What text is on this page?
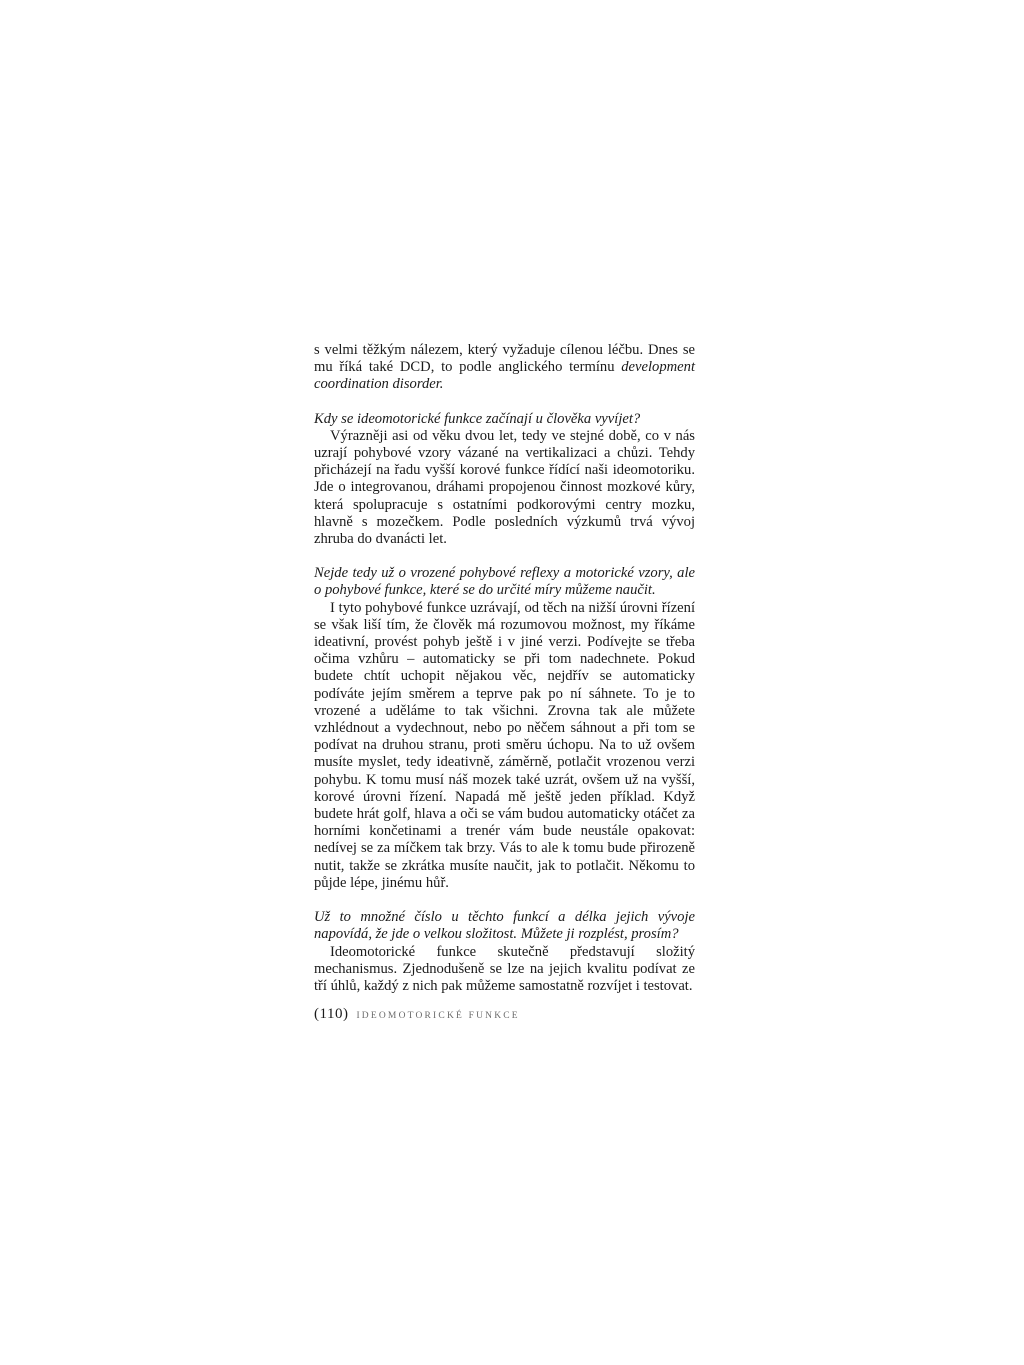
s velmi těžkým nálezem, který vyžaduje cílenou léčbu. Dnes se mu říká také DCD, to podle anglického termínu development coordination disorder.

Kdy se ideomotorické funkce začínají u člověka vyvíjet?

Výrazněji asi od věku dvou let, tedy ve stejné době, co v nás uzrají pohybové vzory vázané na vertikalizaci a chůzi. Tehdy přicházejí na řadu vyšší korové funkce řídící naši ideomotoriku. Jde o integrovanou, dráhami propojenou činnost mozkové kůry, která spolupracuje s ostatními podkorovými centry mozku, hlavně s mozečkem. Podle posledních výzkumů trvá vývoj zhruba do dvanácti let.

Nejde tedy už o vrozené pohybové reflexy a motorické vzory, ale o pohybové funkce, které se do určité míry můžeme naučit.

I tyto pohybové funkce uzrávají, od těch na nižší úrovni řízení se však liší tím, že člověk má rozumovou možnost, my říkáme ideativní, provést pohyb ještě i v jiné verzi. Podívejte se třeba očima vzhůru – automaticky se při tom nadechnete. Pokud budete chtít uchopit nějakou věc, nejdřív se automaticky podíváte jejím směrem a teprve pak po ní sáhnete. To je to vrozené a uděláme to tak všichni. Zrovna tak ale můžete vzhlédnout a vydechnout, nebo po něčem sáhnout a při tom se podívat na druhou stranu, proti směru úchopu. Na to už ovšem musíte myslet, tedy ideativně, záměrně, potlačit vrozenou verzi pohybu. K tomu musí náš mozek také uzrát, ovšem už na vyšší, korové úrovni řízení. Napadá mě ještě jeden příklad. Když budete hrát golf, hlava a oči se vám budou automaticky otáčet za horními končetinami a trenér vám bude neustále opakovat: nedívej se za míčkem tak brzy. Vás to ale k tomu bude přirozeně nutit, takže se zkrátka musíte naučit, jak to potlačit. Někomu to půjde lépe, jinému hůř.

Už to množné číslo u těchto funkcí a délka jejich vývoje napovídá, že jde o velkou složitost. Můžete ji rozplést, prosím?

Ideomotorické funkce skutečně představují složitý mechanismus. Zjednodušeně se lze na jejich kvalitu podívat ze tří úhlů, každý z nich pak můžeme samostatně rozvíjet i testovat.

(110) IDEOMOTORICKÉ FUNKCE
